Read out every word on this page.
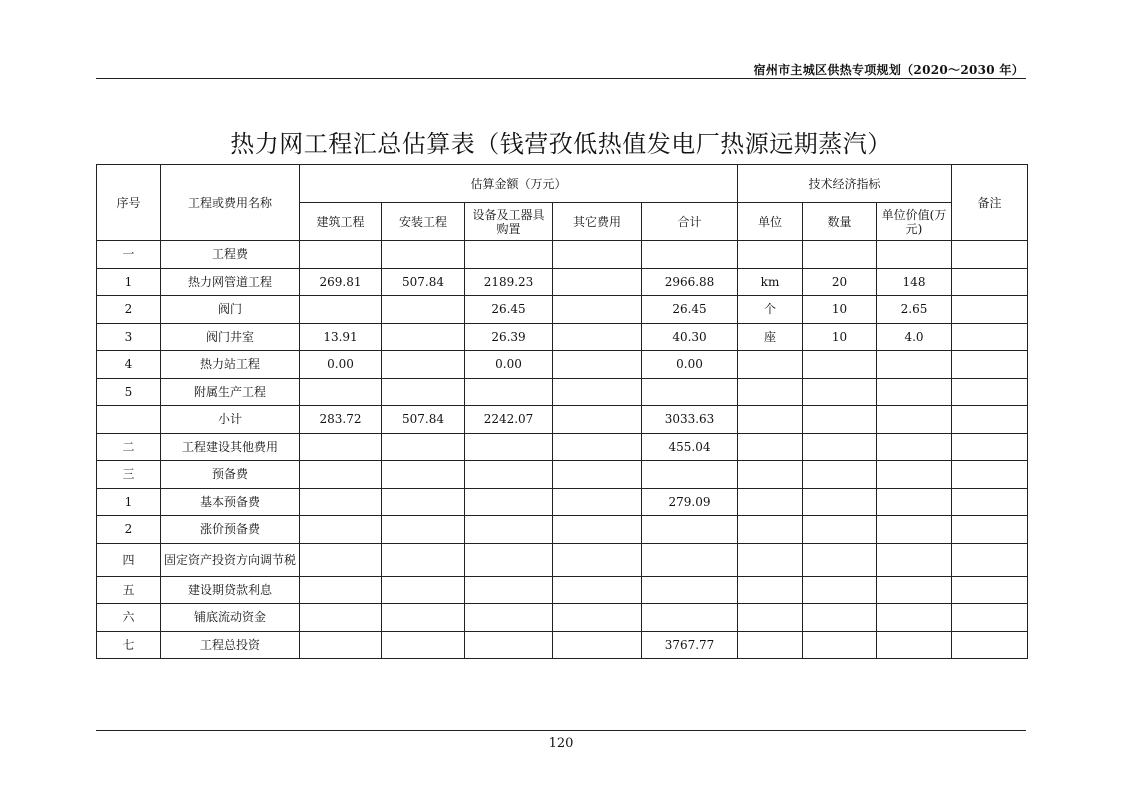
宿州市主城区供热专项规划（2020～2030 年）
热力网工程汇总估算表（钱营孜低热值发电厂热源远期蒸汽）
序号	工程或费用名称	估算金额（万元）					技术经济指标			备注
		建筑工程	安装工程	设备及工器具购置	其它费用	合计	单位	数量	单位价值(万元)	
一	工程费									
1	热力网管道工程	269.81	507.84	2189.23		2966.88	km	20	148	
2	阀门			26.45		26.45	个	10	2.65	
3	阀门井室	13.91		26.39		40.30	座	10	4.0	
4	热力站工程	0.00		0.00		0.00				
5	附属生产工程									
	小计	283.72	507.84	2242.07		3033.63				
二	工程建设其他费用					455.04				
三	预备费									
1	基本预备费					279.09				
2	涨价预备费									
四	固定资产投资方向调节税									
五	建设期贷款利息									
六	铺底流动资金									
七	工程总投资					3767.77				
120
